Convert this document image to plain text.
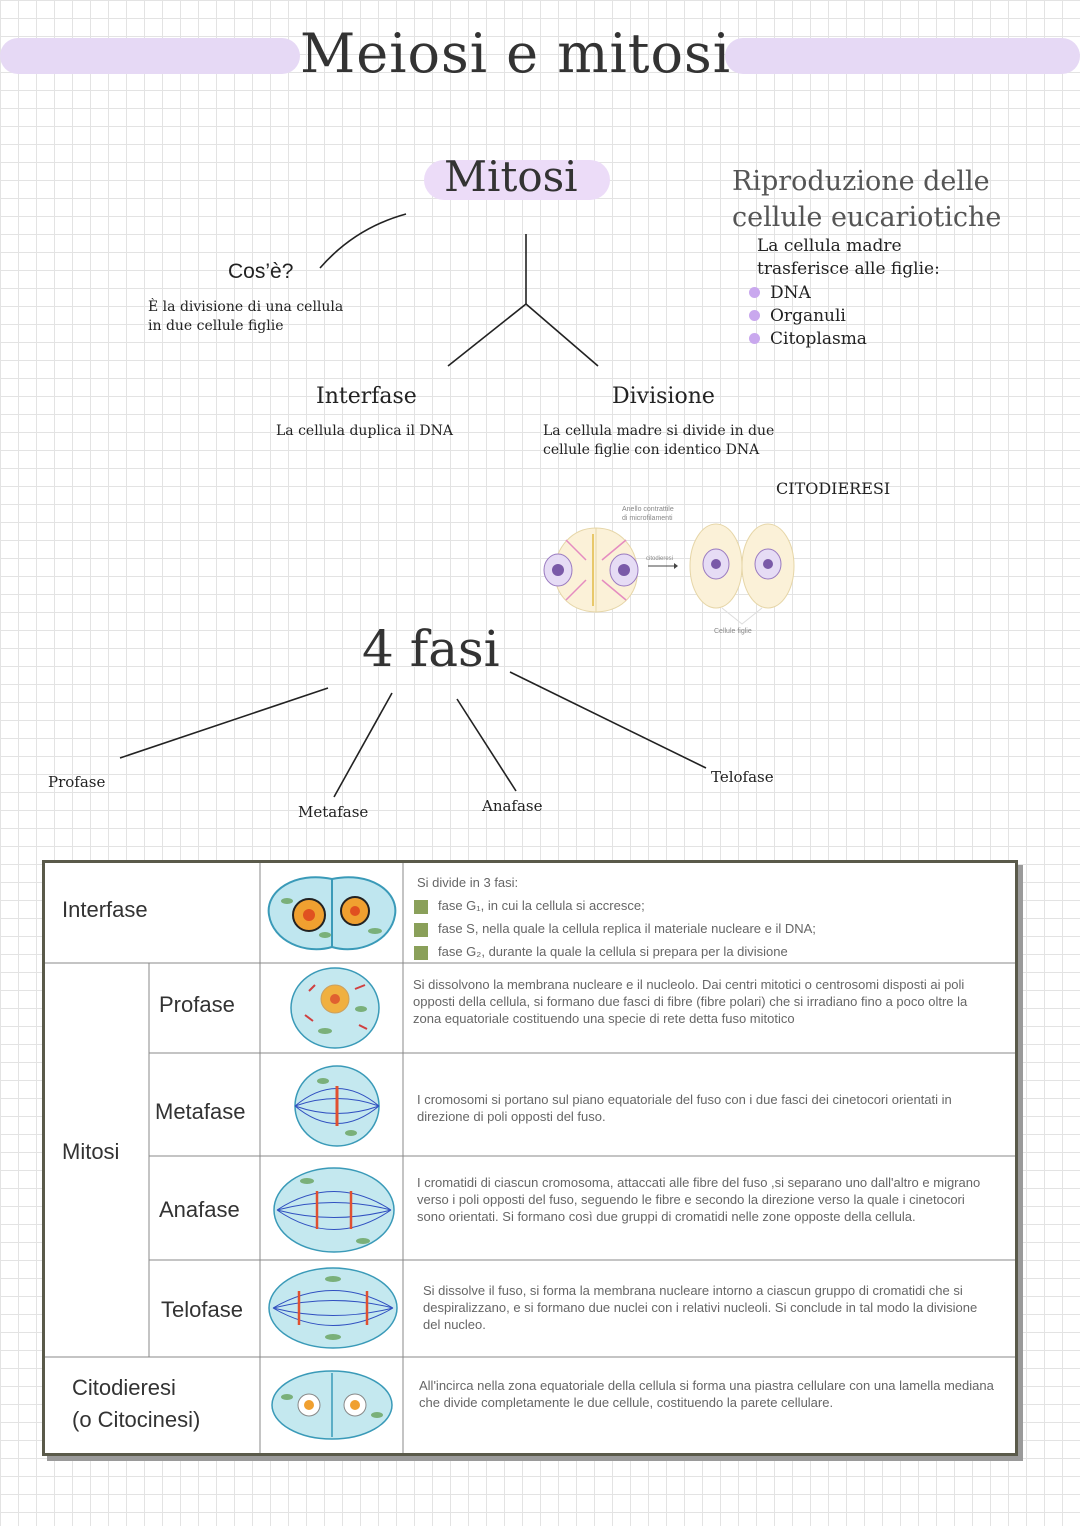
Meiosi e mitosi
Mitosi	Riproduzione delle
cellule eucariotiche
La cellula madre
trasferisce alle figlie:
DNA
Organuli
Citoplasma
Cos’è?
È la divisione di una cellula
in due cellule figlie
Interfase
La cellula duplica il DNA
Divisione
La cellula madre si divide in due
cellule figlie con identico DNA
CITODIERESI
Anello contrattile
di microfilamenti
citodieresi
Cellule figlie
4 fasi
Profase
Metafase	Anafase
Telofase
Interfase
Mitosi
Profase
Metafase
Anafase
Telofase
Citodieresi
(o Citocinesi)
Si divide in 3 fasi:
fase G₁, in cui la cellula si accresce;
fase S, nella quale la cellula replica il materiale nucleare e il DNA;
fase G₂, durante la quale la cellula si prepara per la divisione
Si dissolvono la membrana nucleare e il nucleolo. Dai centri mitotici o centrosomi disposti ai poli opposti della cellula, si formano due fasci di fibre (fibre polari) che si irradiano fino a poco oltre la zona equatoriale costituendo una specie di rete detta fuso mitotico
I cromosomi si portano sul piano equatoriale del fuso con i due fasci dei cinetocori orientati in direzione di poli opposti del fuso.
I cromatidi di ciascun cromosoma, attaccati alle fibre del fuso ,si separano uno dall'altro e migrano verso i poli opposti del fuso, seguendo le fibre e secondo la direzione verso la quale i cinetocori sono orientati. Si formano così due gruppi di cromatidi nelle zone opposte della cellula.
Si dissolve il fuso, si forma la membrana nucleare intorno a ciascun gruppo di cromatidi che si despiralizzano, e si formano due nuclei con i relativi nucleoli. Si conclude in tal modo la divisione del nucleo.
All'incirca nella zona equatoriale della cellula si forma una piastra cellulare con una lamella mediana che divide completamente le due cellule, costituendo la parete cellulare.
